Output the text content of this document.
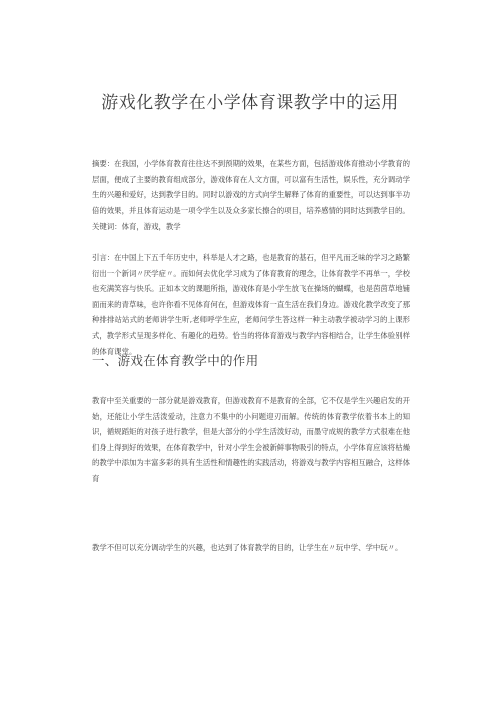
游戏化教学在小学体育课教学中的运用
摘要：在我国，小学体育教育往往达不到预期的效果，在某些方面，包括游戏体育推动小学教育的层面，便成了主要的教育组成部分，游戏体育在人文方面，可以富有生活性，娱乐性，充分调动学生的兴趣和爱好，达到教学目的。同时以游戏的方式向学生解释了体育的重要性，可以达到事半功倍的效果，并且体育运动是一项令学生以及众多家长擦合的项目，培养感情的同时达到教学目的。
关键词：体育，游戏，教学
引言：在中国上下五千年历史中，科举是人才之路，也是教育的基石，但平凡而乏味的学习之路繁衍出一个新词〃厌学症〃。而如何去优化学习成为了体育教育的理念，让体育教学不再单一，学校也充满笑容与快乐。正如本文的课题所指，游戏体育是小学生放飞在操场的蝴蝶，也是茵茵草地铺面而来的青草味，也许你看不见体育何在，但游戏体育一直生活在我们身边。游戏化教学改变了那种排排站站式的老师讲学生听,老师呼学生应，老师问学生答这样一种主动教学被动学习的上课形式，教学形式呈现多样化、有趣化的趋势。恰当的将体育游戏与教学内容相结合，让学生体验别样的体育课堂。
一、游戏在体育教学中的作用
教育中至关重要的一部分就是游戏教育，但游戏教育不是教育的全部，它不仅是学生兴趣启发的开始，还能让小学生活泼爱动，注意力不集中的小问题迎刃而解。传统的体育教学依着书本上的知识，循规蹈矩的对孩子进行教学，但是大部分的小学生活泼好动，而墨守成规的教学方式很难在他们身上得到好的效果，在体育教学中，针对小学生会被新鲜事物吸引的特点，小学体育应该将枯燥的教学中添加为丰富多彩的具有生活性和情趣性的实践活动，将游戏与教学内容相互融合，这样体育
教学不但可以充分调动学生的兴趣，也达到了体育教学的目的，让学生在〃玩中学、学中玩〃。
